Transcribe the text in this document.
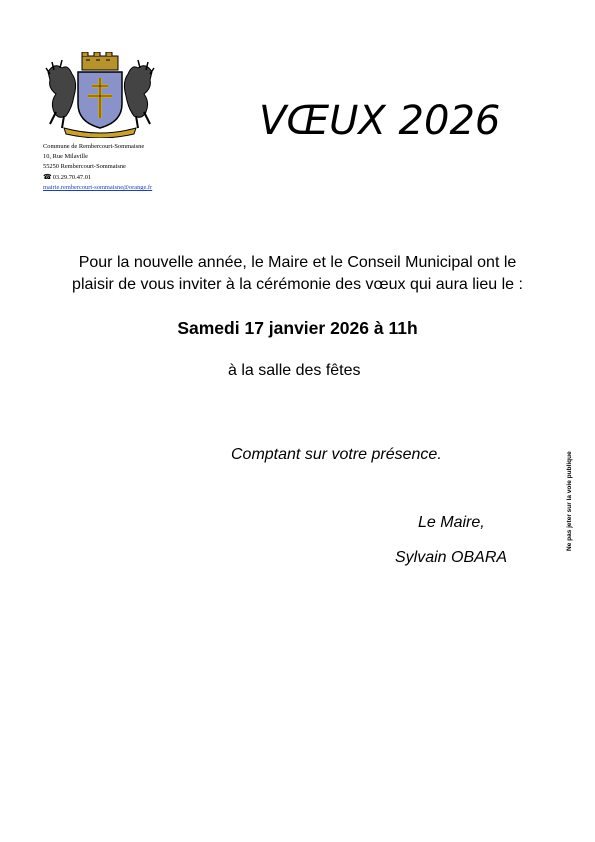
Commune de Rembercourt-Sommaisne
10, Rue Milaville
55250 Rembercourt-Sommaisne
☎03.29.70.47.01
mairie.rembercourt-sommaisne@orange.fr
VŒUX 2026
Pour la nouvelle année, le Maire et le Conseil Municipal ont le
plaisir de vous inviter à la cérémonie des vœux qui aura lieu le :
Samedi 17 janvier 2026 à 11h
à la salle des fêtes
Comptant sur votre présence.
Le Maire,
Sylvain OBARA
Ne pas jeter sur la voie publique
